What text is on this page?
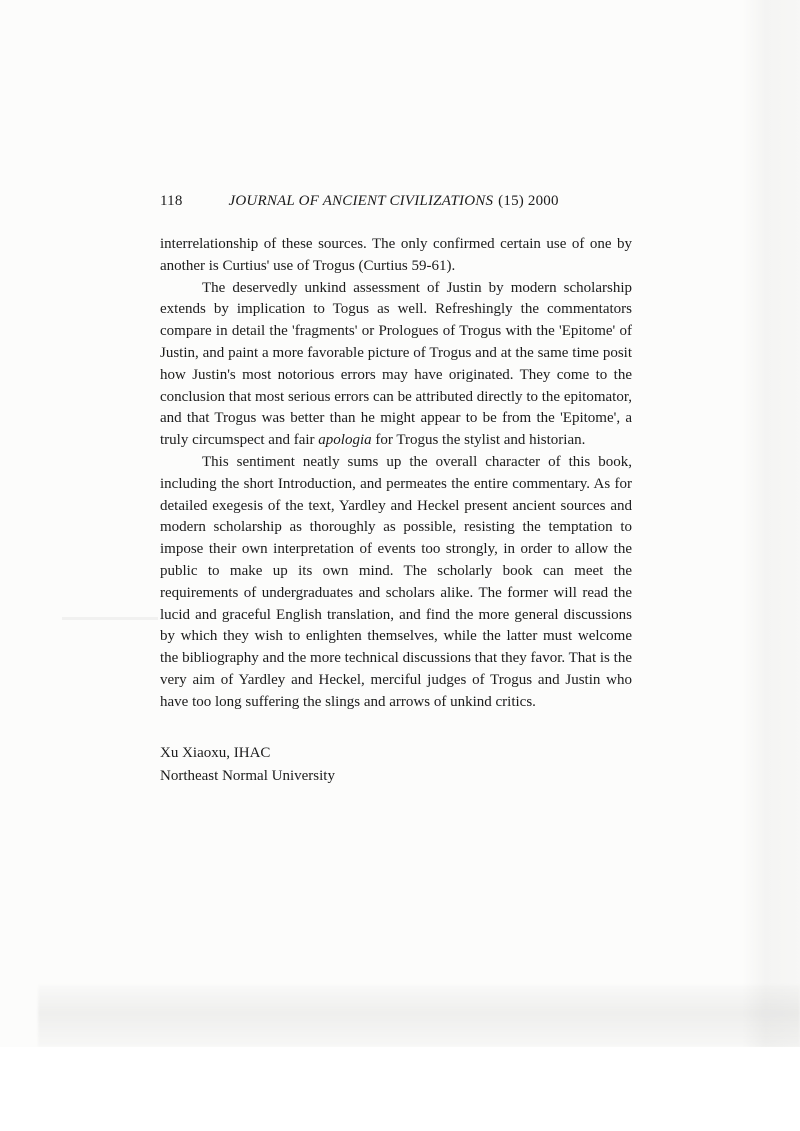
118	JOURNAL OF ANCIENT CIVILIZATIONS (15) 2000

interrelationship of these sources. The only confirmed certain use of one by another is Curtius' use of Trogus (Curtius 59-61).

The deservedly unkind assessment of Justin by modern scholarship extends by implication to Togus as well. Refreshingly the commentators compare in detail the 'fragments' or Prologues of Trogus with the 'Epitome' of Justin, and paint a more favorable picture of Trogus and at the same time posit how Justin's most notorious errors may have originated. They come to the conclusion that most serious errors can be attributed directly to the epitomator, and that Trogus was better than he might appear to be from the 'Epitome', a truly circumspect and fair apologia for Trogus the stylist and historian.

This sentiment neatly sums up the overall character of this book, including the short Introduction, and permeates the entire commentary. As for detailed exegesis of the text, Yardley and Heckel present ancient sources and modern scholarship as thoroughly as possible, resisting the temptation to impose their own interpretation of events too strongly, in order to allow the public to make up its own mind. The scholarly book can meet the requirements of undergraduates and scholars alike. The former will read the lucid and graceful English translation, and find the more general discussions by which they wish to enlighten themselves, while the latter must welcome the bibliography and the more technical discussions that they favor. That is the very aim of Yardley and Heckel, merciful judges of Trogus and Justin who have too long suffering the slings and arrows of unkind critics.

Xu Xiaoxu, IHAC
Northeast Normal University
